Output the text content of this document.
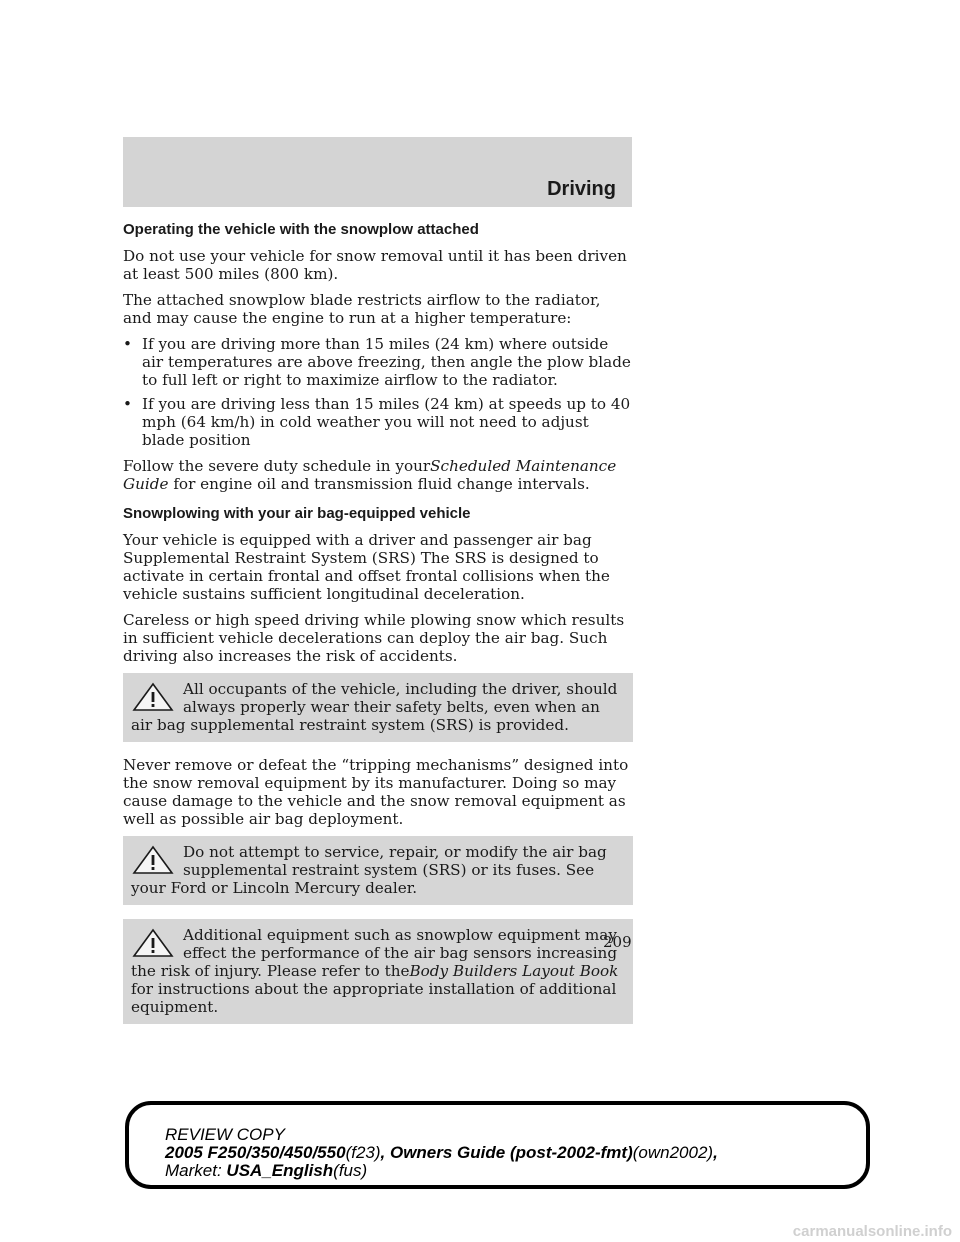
Driving
Operating the vehicle with the snowplow attached

Do not use your vehicle for snow removal until it has been driven at least 500 miles (800 km).

The attached snowplow blade restricts airflow to the radiator, and may cause the engine to run at a higher temperature:

• If you are driving more than 15 miles (24 km) where outside air temperatures are above freezing, then angle the plow blade to full left or right to maximize airflow to the radiator.
• If you are driving less than 15 miles (24 km) at speeds up to 40 mph (64 km/h) in cold weather you will not need to adjust blade position

Follow the severe duty schedule in yourScheduled Maintenance Guide for engine oil and transmission fluid change intervals.

Snowplowing with your air bag-equipped vehicle

Your vehicle is equipped with a driver and passenger air bag Supplemental Restraint System (SRS) The SRS is designed to activate in certain frontal and offset frontal collisions when the vehicle sustains sufficient longitudinal deceleration.

Careless or high speed driving while plowing snow which results in sufficient vehicle decelerations can deploy the air bag. Such driving also increases the risk of accidents.

All occupants of the vehicle, including the driver, should always properly wear their safety belts, even when an air bag supplemental restraint system (SRS) is provided.

Never remove or defeat the “tripping mechanisms” designed into the snow removal equipment by its manufacturer. Doing so may cause damage to the vehicle and the snow removal equipment as well as possible air bag deployment.

Do not attempt to service, repair, or modify the air bag supplemental restraint system (SRS) or its fuses. See your Ford or Lincoln Mercury dealer.
Additional equipment such as snowplow equipment may effect the performance of the air bag sensors increasing the risk of injury. Please refer to theBody Builders Layout Book for instructions about the appropriate installation of additional equipment.
209
REVIEW COPY
2005 F250/350/450/550(f23), Owners Guide (post-2002-fmt)(own2002),
Market: USA_English(fus)
carmanualsonline.info
